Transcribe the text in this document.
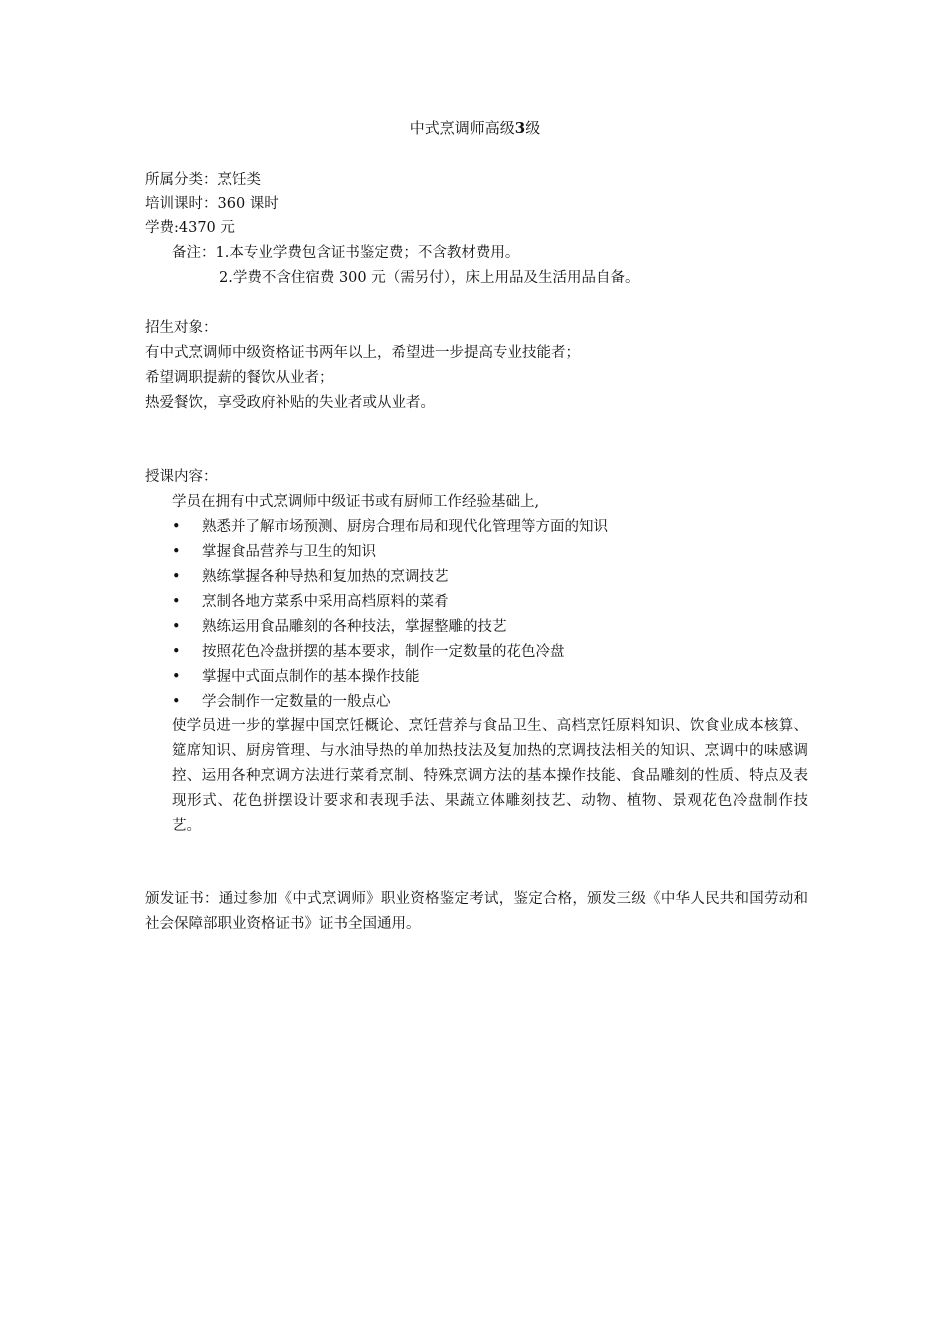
中式烹调师高级3级
所属分类：烹饪类
培训课时：360 课时
学费:4370 元
备注：1.本专业学费包含证书鉴定费；不含教材费用。
2.学费不含住宿费 300 元（需另付），床上用品及生活用品自备。
招生对象：
有中式烹调师中级资格证书两年以上，希望进一步提高专业技能者；
希望调职提薪的餐饮从业者；
热爱餐饮，享受政府补贴的失业者或从业者。
授课内容：
学员在拥有中式烹调师中级证书或有厨师工作经验基础上,
• 熟悉并了解市场预测、厨房合理布局和现代化管理等方面的知识
• 掌握食品营养与卫生的知识
• 熟练掌握各种导热和复加热的烹调技艺
• 烹制各地方菜系中采用高档原料的菜肴
• 熟练运用食品雕刻的各种技法，掌握整雕的技艺
• 按照花色冷盘拼摆的基本要求，制作一定数量的花色冷盘
• 掌握中式面点制作的基本操作技能
• 学会制作一定数量的一般点心
使学员进一步的掌握中国烹饪概论、烹饪营养与食品卫生、高档烹饪原料知识、饮食业成本核算、筵席知识、厨房管理、与水油导热的单加热技法及复加热的烹调技法相关的知识、烹调中的味感调控、运用各种烹调方法进行菜肴烹制、特殊烹调方法的基本操作技能、食品雕刻的性质、特点及表现形式、花色拼摆设计要求和表现手法、果蔬立体雕刻技艺、动物、植物、景观花色冷盘制作技艺。
颁发证书：通过参加《中式烹调师》职业资格鉴定考试，鉴定合格，颁发三级《中华人民共和国劳动和社会保障部职业资格证书》证书全国通用。
